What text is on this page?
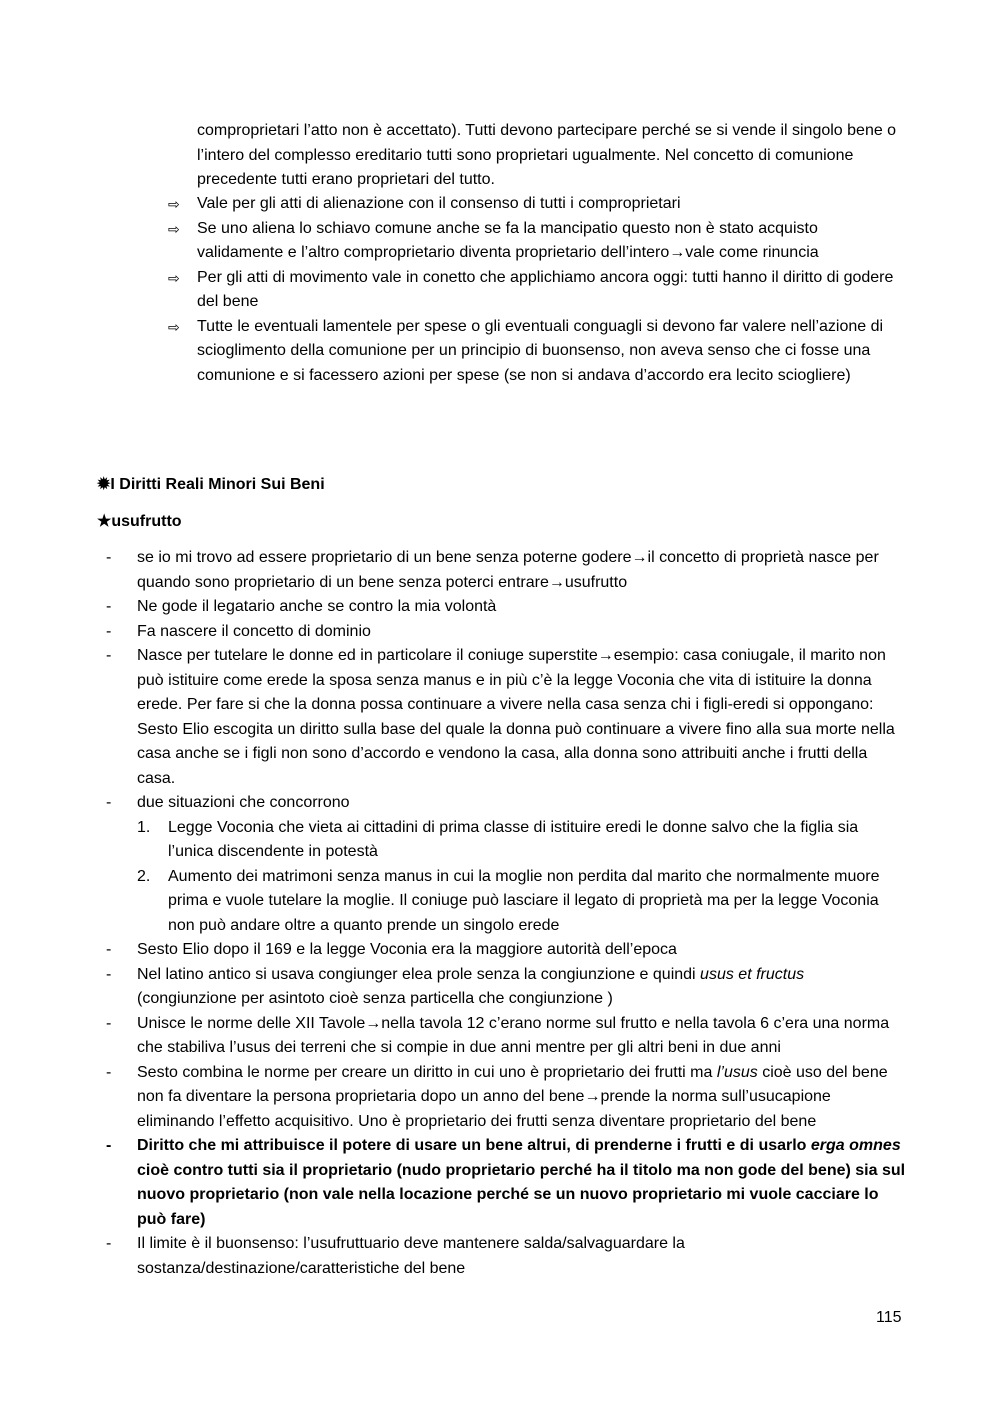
comproprietari l’atto non è accettato). Tutti devono partecipare perché se si vende il singolo bene o l’intero del complesso ereditario tutti sono proprietari ugualmente. Nel concetto di comunione precedente tutti erano proprietari del tutto.

⇨ Vale per gli atti di alienazione con il consenso di tutti i comproprietari
⇨ Se uno aliena lo schiavo comune anche se fa la mancipatio questo non è stato acquisto validamente e l’altro comproprietario diventa proprietario dell’intero→vale come rinuncia
⇨ Per gli atti di movimento vale in conetto che applichiamo ancora oggi: tutti hanno il diritto di godere del bene
⇨ Tutte le eventuali lamentele per spese o gli eventuali conguagli si devono far valere nell’azione di scioglimento della comunione per un principio di buonsenso, non aveva senso che ci fosse una comunione e si facessero azioni per spese (se non si andava d’accordo era lecito sciogliere)
✹I Diritti Reali Minori Sui Beni
★usufrutto
- se io mi trovo ad essere proprietario di un bene senza poterne godere→il concetto di proprietà nasce per quando sono proprietario di un bene senza poterci entrare→usufrutto
- Ne gode il legatario anche se contro la mia volontà
- Fa nascere il concetto di dominio
- Nasce per tutelare le donne ed in particolare il coniuge superstite→esempio: casa coniugale, il marito non può istituire come erede la sposa senza manus e in più c’è la legge Voconia che vita di istituire la donna erede. Per fare si che la donna possa continuare a vivere nella casa senza chi i figli-eredi si oppongano: Sesto Elio escogita un diritto sulla base del quale la donna può continuare a vivere fino alla sua morte nella casa anche se i figli non sono d’accordo e vendono la casa, alla donna sono attribuiti anche i frutti della casa.
- due situazioni che concorrono
1. Legge Voconia che vieta ai cittadini di prima classe di istituire eredi le donne salvo che la figlia sia l’unica discendente in potestà
2. Aumento dei matrimoni senza manus in cui la moglie non perdita dal marito che normalmente muore prima e vuole tutelare la moglie. Il coniuge può lasciare il legato di proprietà ma per la legge Voconia non può andare oltre a quanto prende un singolo erede
- Sesto Elio dopo il 169 e la legge Voconia era la maggiore autorità dell’epoca
- Nel latino antico si usava congiunger elea prole senza la congiunzione e quindi usus et fructus (congiunzione per asintoto cioè senza particella che congiunzione )
- Unisce le norme delle XII Tavole→nella tavola 12 c’erano norme sul frutto e nella tavola 6 c’era una norma che stabiliva l’usus dei terreni che si compie in due anni mentre per gli altri beni in due anni
- Sesto combina le norme per creare un diritto in cui uno è proprietario dei frutti ma l’usus cioè uso del bene non fa diventare la persona proprietaria dopo un anno del bene→prende la norma sull’usucapione eliminando l’effetto acquisitivo. Uno è proprietario dei frutti senza diventare proprietario del bene
- Diritto che mi attribuisce il potere di usare un bene altrui, di prenderne i frutti e di usarlo erga omnes cioè contro tutti sia il proprietario (nudo proprietario perché ha il titolo ma non gode del bene) sia sul nuovo proprietario (non vale nella locazione perché se un nuovo proprietario mi vuole cacciare lo può fare)
- Il limite è il buonsenso: l’usufruttuario deve mantenere salda/salvaguardare la sostanza/destinazione/caratteristiche del bene
115
